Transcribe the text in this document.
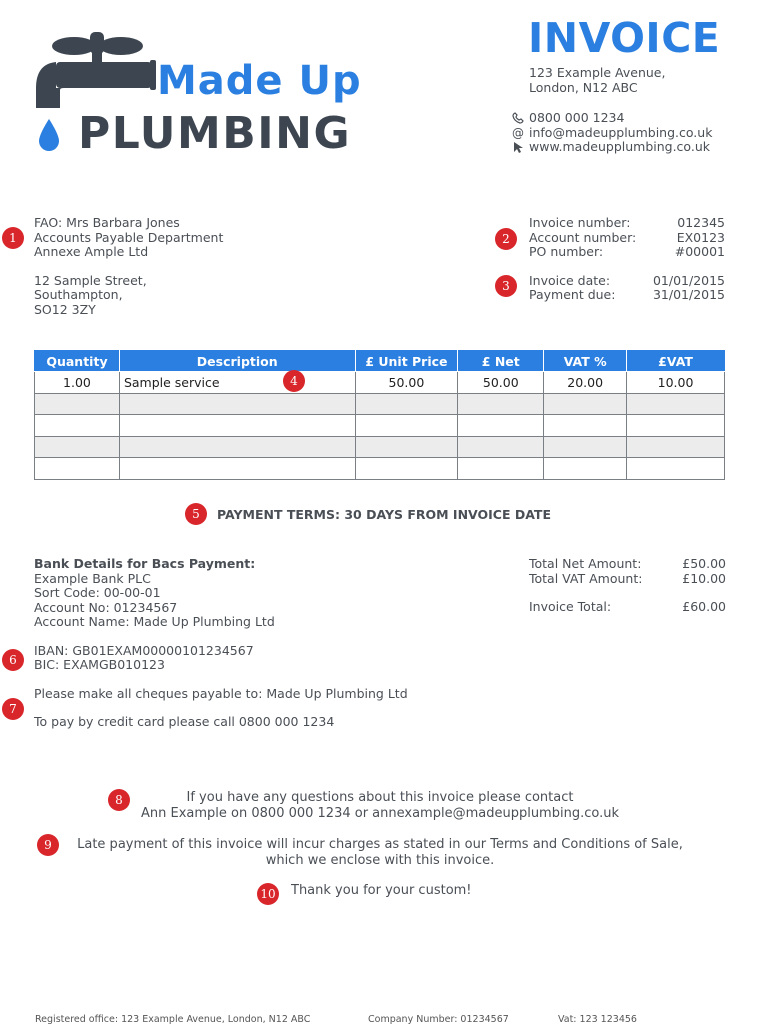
Made Up
PLUMBING
INVOICE
123 Example Avenue,
London, N12 ABC
0800 000 1234
@ info@madeupplumbing.co.uk
www.madeupplumbing.co.uk
1
FAO: Mrs Barbara Jones
Accounts Payable Department
Annexe Ample Ltd
12 Sample Street,
Southampton,
SO12 3ZY
2
3
Invoice number:	012345
Account number:	EX0123
PO number:	#00001
Invoice date:	01/01/2015
Payment due:	31/01/2015
Quantity	Description	£ Unit Price	£ Net	VAT %	£VAT
1.00	Sample service	50.00	50.00	20.00	10.00

4
5	PAYMENT TERMS: 30 DAYS FROM INVOICE DATE
Bank Details for Bacs Payment:
Example Bank PLC
Sort Code: 00-00-01
Account No: 01234567
Account Name: Made Up Plumbing Ltd
IBAN: GB01EXAM00000101234567
BIC: EXAMGB010123
Please make all cheques payable to: Made Up Plumbing Ltd
To pay by credit card please call 0800 000 1234
6
7
Total Net Amount:	£50.00
Total VAT Amount:	£10.00
Invoice Total:	£60.00
8	If you have any questions about this invoice please contact
Ann Example on 0800 000 1234 or annexample@madeupplumbing.co.uk
9	Late payment of this invoice will incur charges as stated in our Terms and Conditions of Sale,
which we enclose with this invoice.
10 Thank you for your custom!
Registered office: 123 Example Avenue, London, N12 ABC	Company Number: 01234567	Vat: 123 123456
